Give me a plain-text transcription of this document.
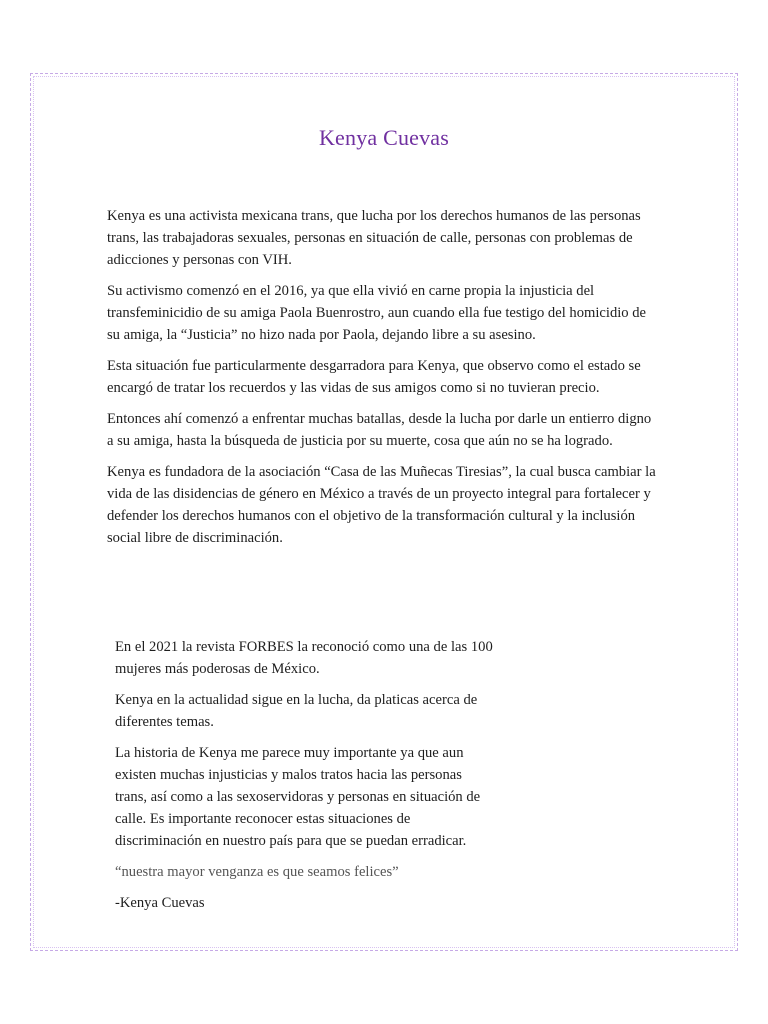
Kenya Cuevas

Kenya es una activista mexicana trans, que lucha por los derechos humanos de las personas trans, las trabajadoras sexuales, personas en situación de calle, personas con problemas de adicciones y personas con VIH.

Su activismo comenzó en el 2016, ya que ella vivió en carne propia la injusticia del transfeminicidio de su amiga Paola Buenrostro, aun cuando ella fue testigo del homicidio de su amiga, la “Justicia” no hizo nada por Paola, dejando libre a su asesino.

Esta situación fue particularmente desgarradora para Kenya, que observo como el estado se encargó de tratar los recuerdos y las vidas de sus amigos como si no tuvieran precio.

Entonces ahí comenzó a enfrentar muchas batallas, desde la lucha por darle un entierro digno a su amiga, hasta la búsqueda de justicia por su muerte, cosa que aún no se ha logrado.

Kenya es fundadora de la asociación “Casa de las Muñecas Tiresias”, la cual busca cambiar la vida de las disidencias de género en México a través de un proyecto integral para fortalecer y defender los derechos humanos con el objetivo de la transformación cultural y la inclusión social libre de discriminación.

En el 2021 la revista FORBES la reconoció como una de las 100 mujeres más poderosas de México.

Kenya en la actualidad sigue en la lucha, da platicas acerca de diferentes temas.

La historia de Kenya me parece muy importante ya que aun existen muchas injusticias y malos tratos hacia las personas trans, así como a las sexoservidoras y personas en situación de calle. Es importante reconocer estas situaciones de discriminación en nuestro país para que se puedan erradicar.

“nuestra mayor venganza es que seamos felices”

-Kenya Cuevas
